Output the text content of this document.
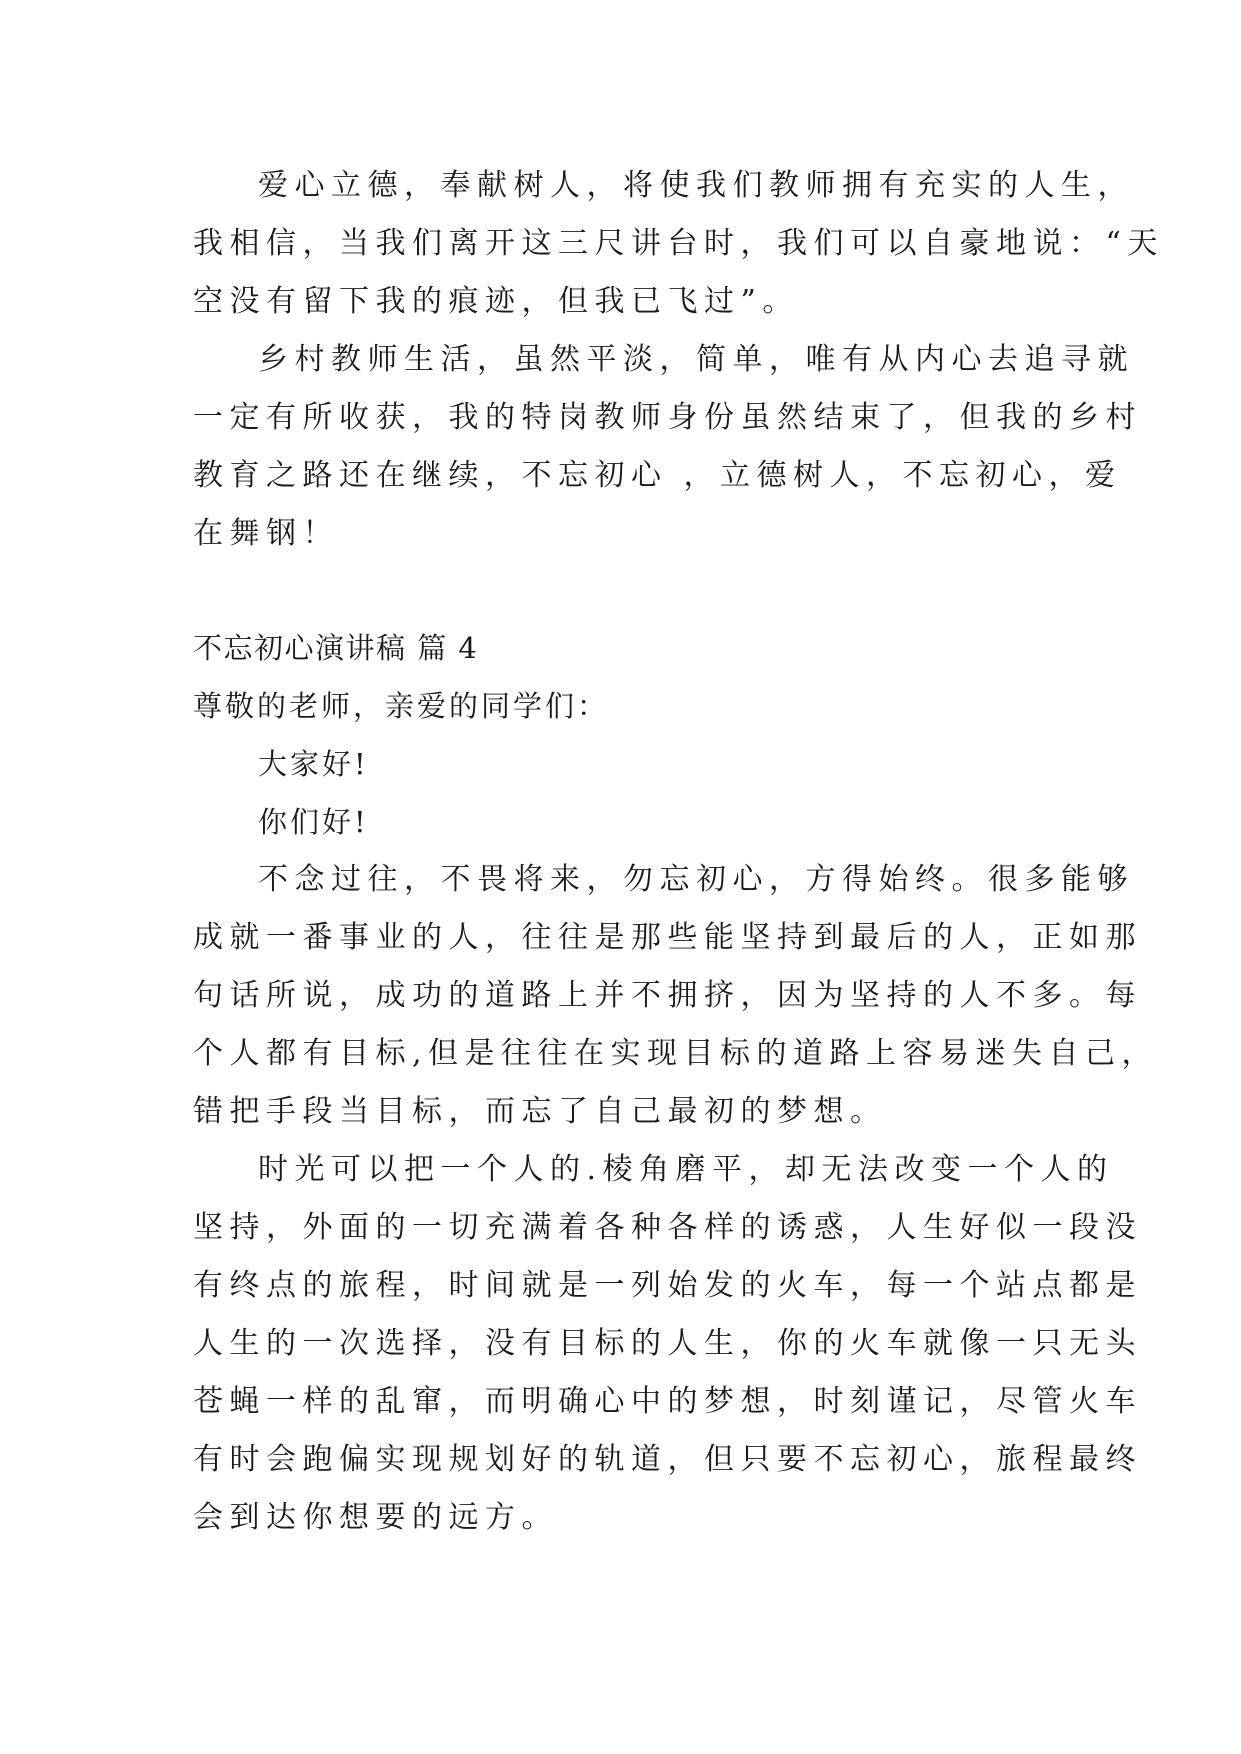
爱心立德，奉献树人，将使我们教师拥有充实的人生，
我相信，当我们离开这三尺讲台时，我们可以自豪地说：“天
空没有留下我的痕迹，但我已飞过”。
乡村教师生活，虽然平淡，简单，唯有从内心去追寻就
一定有所收获，我的特岗教师身份虽然结束了，但我的乡村
教育之路还在继续，不忘初心 ，立德树人，不忘初心，爱
在舞钢！
不忘初心演讲稿 篇 4
尊敬的老师，亲爱的同学们：
大家好!
你们好!
不念过往，不畏将来，勿忘初心，方得始终。很多能够
成就一番事业的人，往往是那些能坚持到最后的人，正如那
句话所说，成功的道路上并不拥挤，因为坚持的人不多。每
个人都有目标,但是往往在实现目标的道路上容易迷失自己，
错把手段当目标，而忘了自己最初的梦想。
时光可以把一个人的.棱角磨平，却无法改变一个人的
坚持，外面的一切充满着各种各样的诱惑，人生好似一段没
有终点的旅程，时间就是一列始发的火车，每一个站点都是
人生的一次选择，没有目标的人生，你的火车就像一只无头
苍蝇一样的乱窜，而明确心中的梦想，时刻谨记，尽管火车
有时会跑偏实现规划好的轨道，但只要不忘初心，旅程最终
会到达你想要的远方。
